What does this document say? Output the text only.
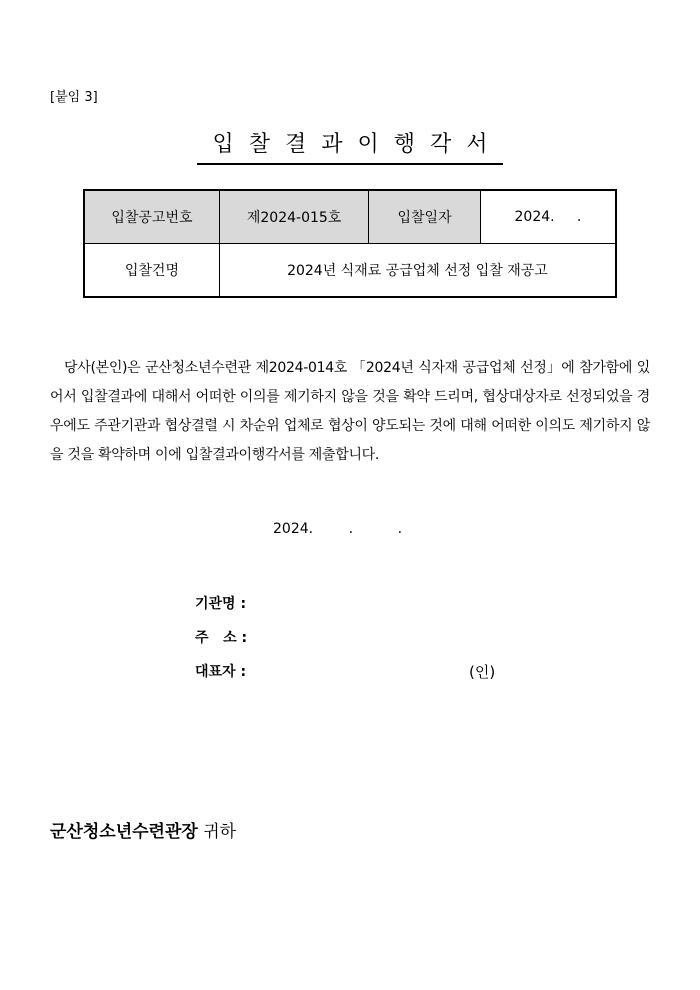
[붙임 3]
입찰결과이행각서
입찰공고번호	제2024-015호	입찰일자	2024.     .
입찰건명	2024년 식재료 공급업체 선정 입찰 재공고		

당사(본인)은 군산청소년수련관 제2024-014호 「2024년 식자재 공급업체 선정」에 참가함에 있어서 입찰결과에 대해서 어떠한 이의를 제기하지 않을 것을 확약 드리며, 협상대상자로 선정되었을 경우에도 주관기관과 협상결렬 시 차순위 업체로 협상이 양도되는 것에 대해 어떠한 이의도 제기하지 않을 것을 확약하며 이에 입찰결과이행각서를 제출합니다.

2024.        .          .
기관명 :
주   소 :
대표자 :	(인)
군산청소년수련관장 귀하
